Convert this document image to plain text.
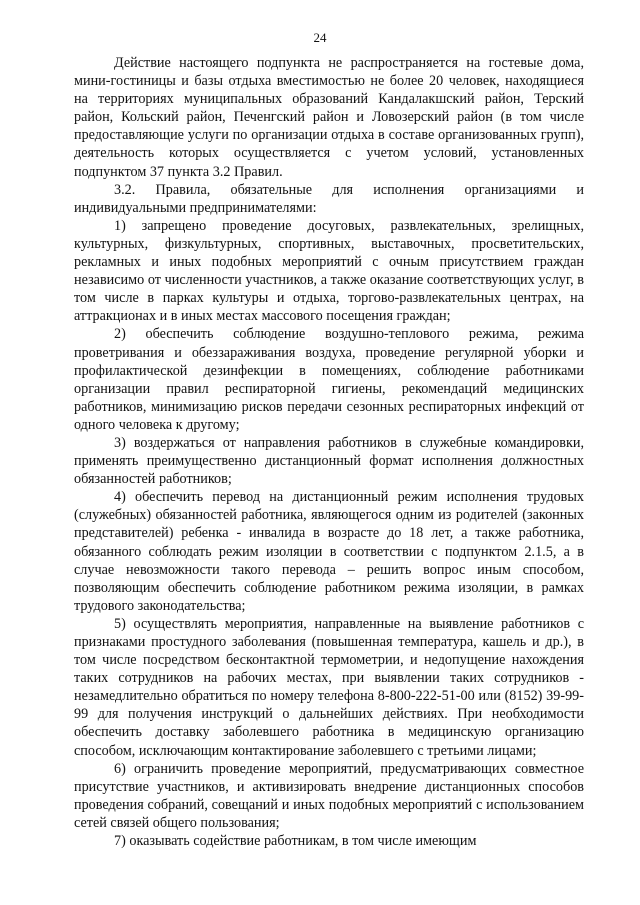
24

Действие настоящего подпункта не распространяется на гостевые дома, мини-гостиницы и базы отдыха вместимостью не более 20 человек, находящиеся на территориях муниципальных образований Кандалакшский район, Терский район, Кольский район, Печенгский район и Ловозерский район (в том числе предоставляющие услуги по организации отдыха в составе организованных групп), деятельность которых осуществляется с учетом условий, установленных подпунктом 37 пункта 3.2 Правил.

3.2. Правила, обязательные для исполнения организациями и индивидуальными предпринимателями:

1) запрещено проведение досуговых, развлекательных, зрелищных, культурных, физкультурных, спортивных, выставочных, просветительских, рекламных и иных подобных мероприятий с очным присутствием граждан независимо от численности участников, а также оказание соответствующих услуг, в том числе в парках культуры и отдыха, торгово-развлекательных центрах, на аттракционах и в иных местах массового посещения граждан;

2) обеспечить соблюдение воздушно-теплового режима, режима проветривания и обеззараживания воздуха, проведение регулярной уборки и профилактической дезинфекции в помещениях, соблюдение работниками организации правил респираторной гигиены, рекомендаций медицинских работников, минимизацию рисков передачи сезонных респираторных инфекций от одного человека к другому;

3) воздержаться от направления работников в служебные командировки, применять преимущественно дистанционный формат исполнения должностных обязанностей работников;

4) обеспечить перевод на дистанционный режим исполнения трудовых (служебных) обязанностей работника, являющегося одним из родителей (законных представителей) ребенка - инвалида в возрасте до 18 лет, а также работника, обязанного соблюдать режим изоляции в соответствии с подпунктом 2.1.5, а в случае невозможности такого перевода – решить вопрос иным способом, позволяющим обеспечить соблюдение работником режима изоляции, в рамках трудового законодательства;

5) осуществлять мероприятия, направленные на выявление работников с признаками простудного заболевания (повышенная температура, кашель и др.), в том числе посредством бесконтактной термометрии, и недопущение нахождения таких сотрудников на рабочих местах, при выявлении таких сотрудников - незамедлительно обратиться по номеру телефона 8-800-222-51-00 или (8152) 39-99-99 для получения инструкций о дальнейших действиях. При необходимости обеспечить доставку заболевшего работника в медицинскую организацию способом, исключающим контактирование заболевшего с третьими лицами;

6) ограничить проведение мероприятий, предусматривающих совместное присутствие участников, и активизировать внедрение дистанционных способов проведения собраний, совещаний и иных подобных мероприятий с использованием сетей связей общего пользования;

7) оказывать содействие работникам, в том числе имеющим
